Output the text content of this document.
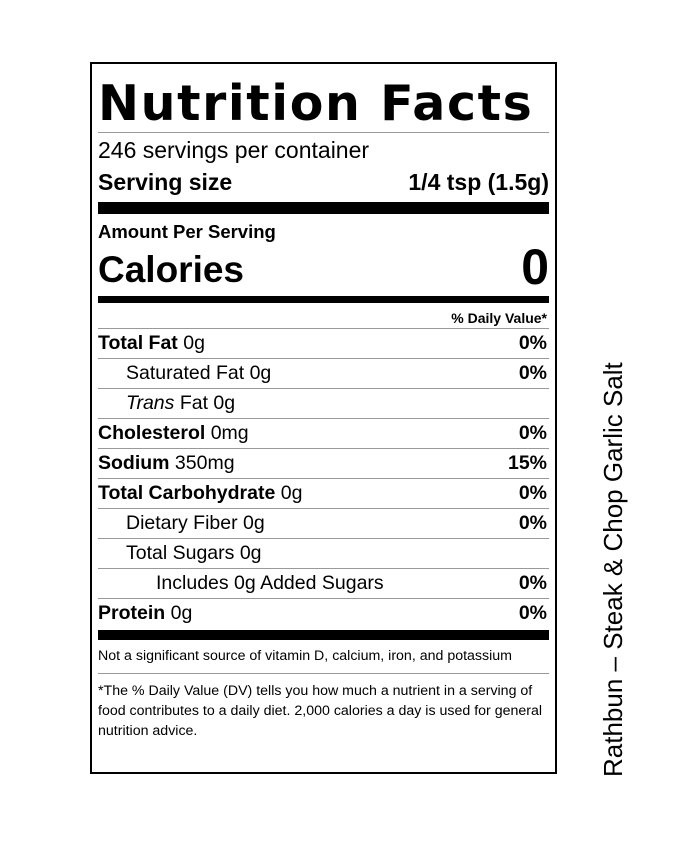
Nutrition Facts
246 servings per container
Serving size	1/4 tsp (1.5g)
Amount Per Serving
Calories	0
% Daily Value*
Total Fat 0g	0%
Saturated Fat 0g	0%
Trans Fat 0g
Cholesterol 0mg	0%
Sodium 350mg	15%
Total Carbohydrate 0g	0%
Dietary Fiber 0g	0%
Total Sugars 0g
Includes 0g Added Sugars	0%
Protein 0g	0%
Not a significant source of vitamin D, calcium, iron, and potassium
*The % Daily Value (DV) tells you how much a nutrient in a serving of food contributes to a daily diet. 2,000 calories a day is used for general nutrition advice.	Rathbun – Steak & Chop Garlic Salt
